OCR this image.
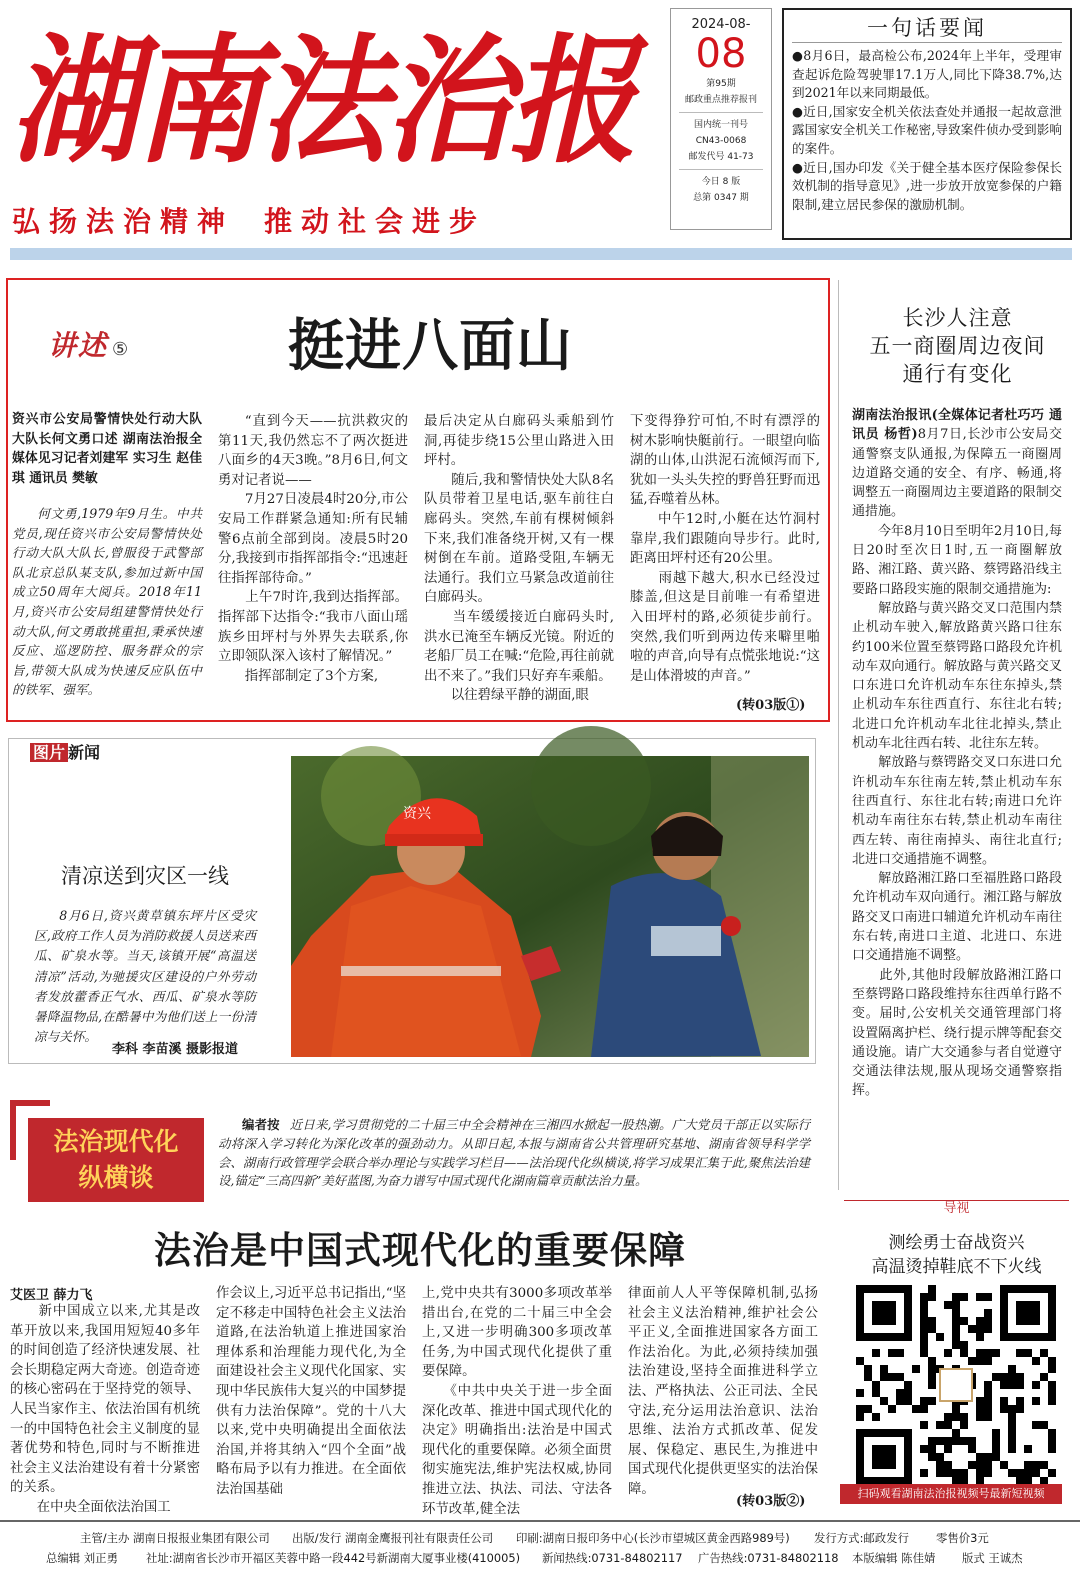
湖南法治报
弘扬法治精神 推动社会进步
2024-08-
08
第95期
邮政重点推荐报刊
国内统一刊号
CN43-0068
邮发代号 41-73
今日 8 版
总第 0347 期
一句话要闻

●8月6日，最高检公布,2024年上半年，受理审查起诉危险驾驶罪17.1万人,同比下降38.7%,达到2021年以来同期最低。

●近日,国家安全机关依法查处并通报一起故意泄露国家安全机关工作秘密,导致案件侦办受到影响的案件。

●近日,国办印发《关于健全基本医疗保险参保长效机制的指导意见》,进一步放开放宽参保的户籍限制,建立居民参保的激励机制。

讲述 ⑤	挺进八面山
资兴市公安局警情快处行动大队大队长何文勇口述 湖南法治报全媒体见习记者刘建军 实习生 赵佳琪 通讯员 樊敏
何文勇,1979年9月生。中共党员,现任资兴市公安局警情快处行动大队大队长,曾服役于武警部队北京总队某支队,参加过新中国成立50周年大阅兵。2018年11月,资兴市公安局组建警情快处行动大队,何文勇敢挑重担,秉承快速反应、巡逻防控、服务群众的宗旨,带领大队成为快速反应队伍中的铁军、强军。
“直到今天——抗洪救灾的第11天,我仍然忘不了两次挺进八面乡的4天3晚。”8月6日,何文勇对记者说——
　　7月27日凌晨4时20分,市公安局工作群紧急通知:所有民辅警6点前全部到岗。凌晨5时20分,我接到市指挥部指令:“迅速赶往指挥部待命。”
　　上午7时许,我到达指挥部。指挥部下达指令:“我市八面山瑶族乡田坪村与外界失去联系,你立即领队深入该村了解情况。”
　　指挥部制定了3个方案,
最后决定从白廊码头乘船到竹洞,再徒步绕15公里山路进入田坪村。
　　随后,我和警情快处大队8名队员带着卫星电话,驱车前往白廊码头。突然,车前有棵树倾斜下来,我们准备绕开树,又有一棵树倒在车前。道路受阻,车辆无法通行。我们立马紧急改道前往白廊码头。
　　当车缓缓接近白廊码头时,洪水已淹至车辆反光镜。附近的老船厂员工在喊:“危险,再往前就出不来了。”我们只好弃车乘船。
　　以往碧绿平静的湖面,眼
下变得狰狞可怕,不时有漂浮的树木影响快艇前行。一眼望向临湖的山体,山洪泥石流倾泻而下,犹如一头头失控的野兽狂野而迅猛,吞噬着丛林。
　　中午12时,小艇在达竹洞村靠岸,我们跟随向导步行。此时,距离田坪村还有20公里。
　　雨越下越大,积水已经没过膝盖,但这是目前唯一有希望进入田坪村的路,必须徒步前行。突然,我们听到两边传来噼里啪啦的声音,向导有点慌张地说:“这是山体滑坡的声音。”
(转03版①)
长沙人注意
五一商圈周边夜间
通行有变化
湖南法治报讯(全媒体记者杜巧巧 通讯员 杨哲)8月7日,长沙市公安局交通警察支队通报,为保障五一商圈周边道路交通的安全、有序、畅通,将调整五一商圈周边主要道路的限制交通措施。
　　今年8月10日至明年2月10日,每日20时至次日1时,五一商圈解放路、湘江路、黄兴路、蔡锷路沿线主要路口路段实施的限制交通措施为:
　　解放路与黄兴路交叉口范围内禁止机动车驶入,解放路黄兴路口往东约100米位置至蔡锷路口路段允许机动车双向通行。解放路与黄兴路交叉口东进口允许机动车东往东掉头,禁止机动车东往西直行、东往北右转;北进口允许机动车北往北掉头,禁止机动车北往西右转、北往东左转。
　　解放路与蔡锷路交叉口东进口允许机动车东往南左转,禁止机动车东往西直行、东往北右转;南进口允许机动车南往东右转,禁止机动车南往西左转、南往南掉头、南往北直行;北进口交通措施不调整。
　　解放路湘江路口至福胜路口路段允许机动车双向通行。湘江路与解放路交叉口南进口辅道允许机动车南往东右转,南进口主道、北进口、东进口交通措施不调整。
　　此外,其他时段解放路湘江路口至蔡锷路口路段维持东往西单行路不变。届时,公安机关交通管理部门将设置隔离护栏、绕行提示牌等配套交通设施。请广大交通参与者自觉遵守交通法律法规,服从现场交通警察指挥。
图片 新闻
清凉送到灾区一线
8月6日,资兴黄草镇东坪片区受灾区,政府工作人员为消防救援人员送来西瓜、矿泉水等。当天,该镇开展“高温送清凉”活动,为驰援灾区建设的户外劳动者发放藿香正气水、西瓜、矿泉水等防暑降温物品,在酷暑中为他们送上一份清凉与关怀。
李科 李苗溪 摄影报道
资兴
法治现代化
纵横谈
编者按 近日来,学习贯彻党的二十届三中全会精神在三湘四水掀起一股热潮。广大党员干部正以实际行动将深入学习转化为深化改革的强劲动力。从即日起,本报与湖南省公共管理研究基地、湖南省领导科学学会、湖南行政管理学会联合举办理论与实践学习栏目——法治现代化纵横谈,将学习成果汇集于此,聚焦法治建设,锚定“三高四新”美好蓝图,为奋力谱写中国式现代化湖南篇章贡献法治力量。
法治是中国式现代化的重要保障
艾医卫 薛力飞
　　新中国成立以来,尤其是改革开放以来,我国用短短40多年的时间创造了经济快速发展、社会长期稳定两大奇迹。创造奇迹的核心密码在于坚持党的领导、人民当家作主、依法治国有机统一的中国特色社会主义制度的显著优势和特色,同时与不断推进社会主义法治建设有着十分紧密的关系。
　　在中央全面依法治国工
作会议上,习近平总书记指出,“坚定不移走中国特色社会主义法治道路,在法治轨道上推进国家治理体系和治理能力现代化,为全面建设社会主义现代化国家、实现中华民族伟大复兴的中国梦提供有力法治保障”。党的十八大以来,党中央明确提出全面依法治国,并将其纳入“四个全面”战略布局予以有力推进。在全面依法治国基础
上,党中央共有3000多项改革举措出台,在党的二十届三中全会上,又进一步明确300多项改革任务,为中国式现代化提供了重要保障。
　　《中共中央关于进一步全面深化改革、推进中国式现代化的决定》明确指出:法治是中国式现代化的重要保障。必须全面贯彻实施宪法,维护宪法权威,协同推进立法、执法、司法、守法各环节改革,健全法
律面前人人平等保障机制,弘扬社会主义法治精神,维护社会公平正义,全面推进国家各方面工作法治化。为此,必须持续加强法治建设,坚持全面推进科学立法、严格执法、公正司法、全民守法,充分运用法治意识、法治思维、法治方式抓改革、促发展、保稳定、惠民生,为推进中国式现代化提供更坚实的法治保障。
(转03版②)
导视
测绘勇士奋战资兴
高温烫掉鞋底不下火线
扫码观看湖南法治报视频号最新短视频
主管/主办 湖南日报报业集团有限公司 出版/发行 湖南金鹰报刊社有限责任公司 印刷:湖南日报印务中心(长沙市望城区黄金西路989号) 发行方式:邮政发行 零售价3元
总编辑 刘正勇 社址:湖南省长沙市开福区芙蓉中路一段442号新湖南大厦事业楼(410005) 新闻热线:0731-84802117 广告热线:0731-84802118 本版编辑 陈佳婧 版式 王诚杰
